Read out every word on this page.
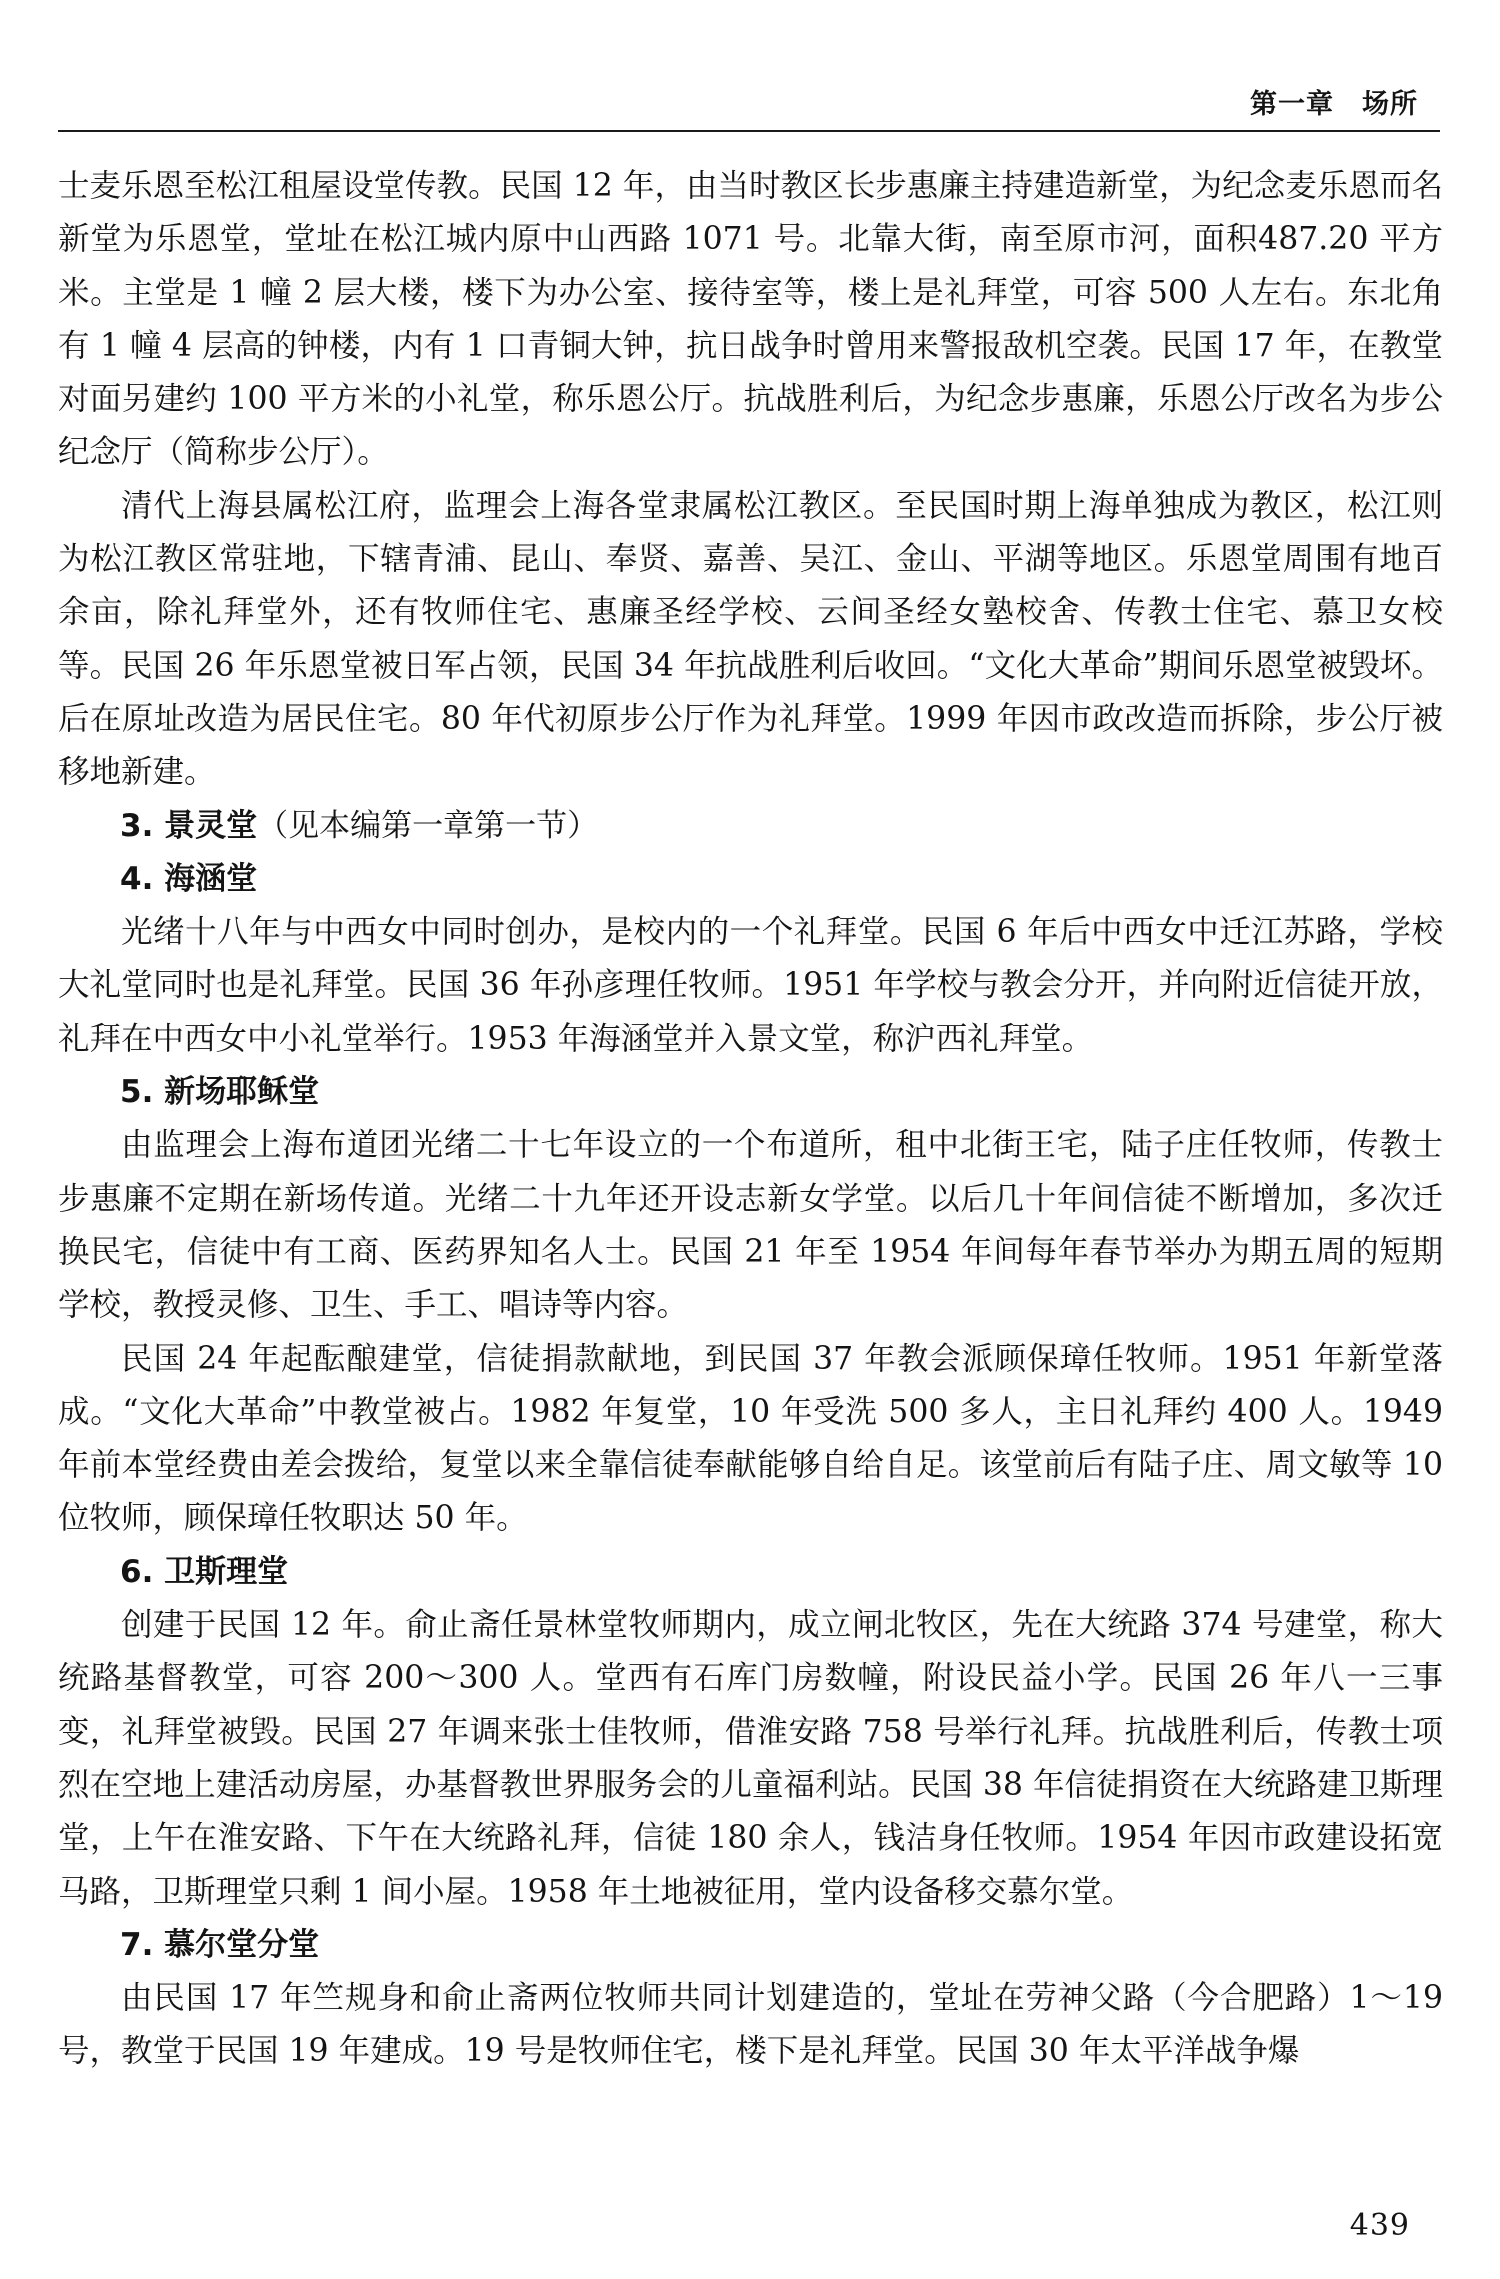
第一章　场所

士麦乐恩至松江租屋设堂传教。民国 12 年，由当时教区长步惠廉主持建造新堂，为纪念麦乐恩而名新堂为乐恩堂，堂址在松江城内原中山西路 1071 号。北靠大街，南至原市河，面积487.20 平方米。主堂是 1 幢 2 层大楼，楼下为办公室、接待室等，楼上是礼拜堂，可容 500 人左右。东北角有 1 幢 4 层高的钟楼，内有 1 口青铜大钟，抗日战争时曾用来警报敌机空袭。民国 17 年，在教堂对面另建约 100 平方米的小礼堂，称乐恩公厅。抗战胜利后，为纪念步惠廉，乐恩公厅改名为步公纪念厅（简称步公厅）。

清代上海县属松江府，监理会上海各堂隶属松江教区。至民国时期上海单独成为教区，松江则为松江教区常驻地，下辖青浦、昆山、奉贤、嘉善、吴江、金山、平湖等地区。乐恩堂周围有地百余亩，除礼拜堂外，还有牧师住宅、惠廉圣经学校、云间圣经女塾校舍、传教士住宅、慕卫女校等。民国 26 年乐恩堂被日军占领，民国 34 年抗战胜利后收回。“文化大革命”期间乐恩堂被毁坏。后在原址改造为居民住宅。80 年代初原步公厅作为礼拜堂。1999 年因市政改造而拆除，步公厅被移地新建。

3. 景灵堂（见本编第一章第一节）
4. 海涵堂

光绪十八年与中西女中同时创办，是校内的一个礼拜堂。民国 6 年后中西女中迁江苏路，学校大礼堂同时也是礼拜堂。民国 36 年孙彦理任牧师。1951 年学校与教会分开，并向附近信徒开放，礼拜在中西女中小礼堂举行。1953 年海涵堂并入景文堂，称沪西礼拜堂。

5. 新场耶稣堂

由监理会上海布道团光绪二十七年设立的一个布道所，租中北街王宅，陆子庄任牧师，传教士步惠廉不定期在新场传道。光绪二十九年还开设志新女学堂。以后几十年间信徒不断增加，多次迁换民宅，信徒中有工商、医药界知名人士。民国 21 年至 1954 年间每年春节举办为期五周的短期学校，教授灵修、卫生、手工、唱诗等内容。

民国 24 年起酝酿建堂，信徒捐款献地，到民国 37 年教会派顾保璋任牧师。1951 年新堂落成。“文化大革命”中教堂被占。1982 年复堂，10 年受洗 500 多人，主日礼拜约 400 人。1949 年前本堂经费由差会拨给，复堂以来全靠信徒奉献能够自给自足。该堂前后有陆子庄、周文敏等 10 位牧师，顾保璋任牧职达 50 年。

6. 卫斯理堂

创建于民国 12 年。俞止斋任景林堂牧师期内，成立闸北牧区，先在大统路 374 号建堂，称大统路基督教堂，可容 200～300 人。堂西有石库门房数幢，附设民益小学。民国 26 年八一三事变，礼拜堂被毁。民国 27 年调来张士佳牧师，借淮安路 758 号举行礼拜。抗战胜利后，传教士项烈在空地上建活动房屋，办基督教世界服务会的儿童福利站。民国 38 年信徒捐资在大统路建卫斯理堂，上午在淮安路、下午在大统路礼拜，信徒 180 余人，钱洁身任牧师。1954 年因市政建设拓宽马路，卫斯理堂只剩 1 间小屋。1958 年土地被征用，堂内设备移交慕尔堂。

7. 慕尔堂分堂

由民国 17 年竺规身和俞止斋两位牧师共同计划建造的，堂址在劳神父路（今合肥路）1～19 号，教堂于民国 19 年建成。19 号是牧师住宅，楼下是礼拜堂。民国 30 年太平洋战争爆

439
